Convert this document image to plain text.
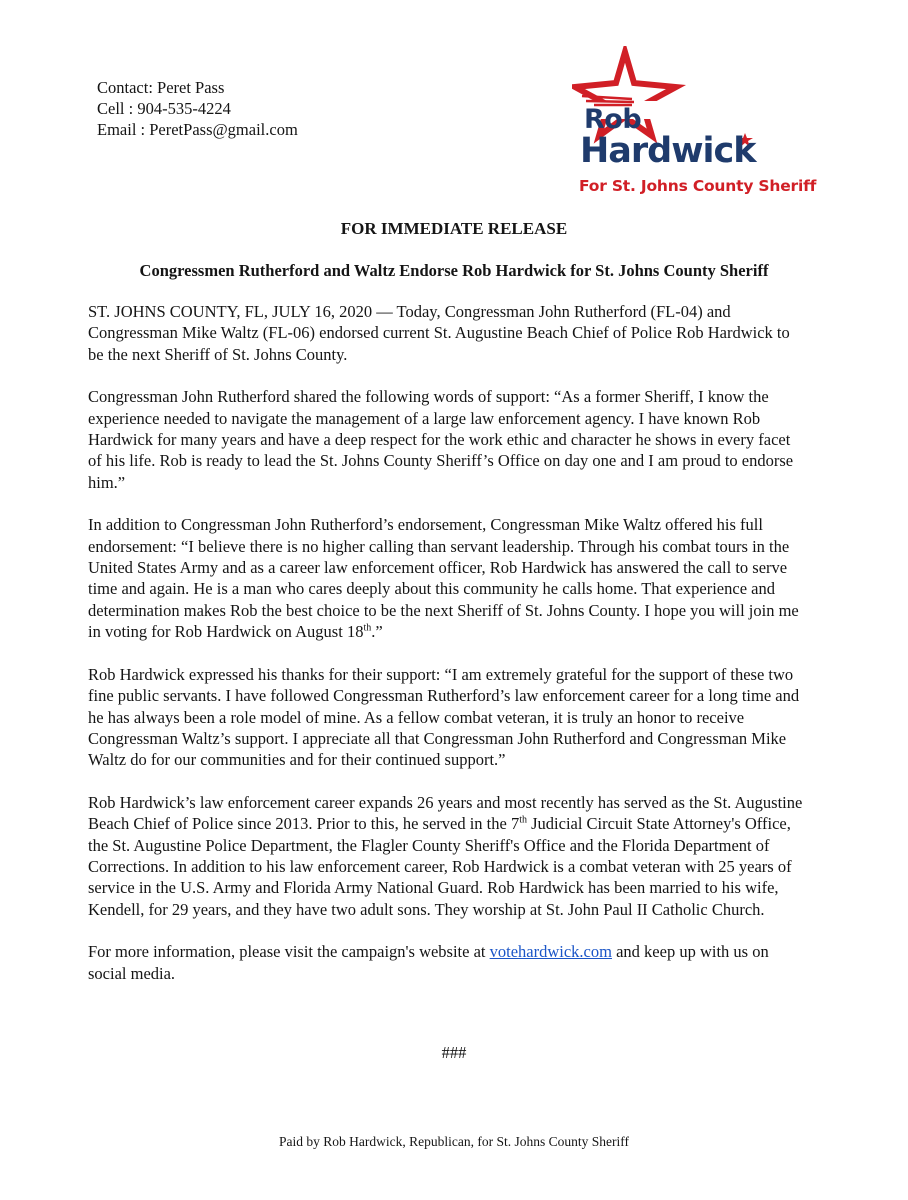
Contact: Peret Pass
Cell : 904-535-4224
Email : PeretPass@gmail.com	Rob
Hardwick
For St. Johns County Sheriff
FOR IMMEDIATE RELEASE
Congressmen Rutherford and Waltz Endorse Rob Hardwick for St. Johns County Sheriff

ST. JOHNS COUNTY, FL, JULY 16, 2020 — Today, Congressman John Rutherford (FL-04) and Congressman Mike Waltz (FL-06) endorsed current St. Augustine Beach Chief of Police Rob Hardwick to be the next Sheriff of St. Johns County.

Congressman John Rutherford shared the following words of support: “As a former Sheriff, I know the experience needed to navigate the management of a large law enforcement agency. I have known Rob Hardwick for many years and have a deep respect for the work ethic and character he shows in every facet of his life. Rob is ready to lead the St. Johns County Sheriff’s Office on day one and I am proud to endorse him.”

In addition to Congressman John Rutherford’s endorsement, Congressman Mike Waltz offered his full endorsement: “I believe there is no higher calling than servant leadership. Through his combat tours in the United States Army and as a career law enforcement officer, Rob Hardwick has answered the call to serve time and again. He is a man who cares deeply about this community he calls home. That experience and determination makes Rob the best choice to be the next Sheriff of St. Johns County. I hope you will join me in voting for Rob Hardwick on August 18th.”

Rob Hardwick expressed his thanks for their support: “I am extremely grateful for the support of these two fine public servants. I have followed Congressman Rutherford’s law enforcement career for a long time and he has always been a role model of mine. As a fellow combat veteran, it is truly an honor to receive Congressman Waltz’s support. I appreciate all that Congressman John Rutherford and Congressman Mike Waltz do for our communities and for their continued support.”

Rob Hardwick’s law enforcement career expands 26 years and most recently has served as the St. Augustine Beach Chief of Police since 2013. Prior to this, he served in the 7th Judicial Circuit State Attorney's Office, the St. Augustine Police Department, the Flagler County Sheriff's Office and the Florida Department of Corrections. In addition to his law enforcement career, Rob Hardwick is a combat veteran with 25 years of service in the U.S. Army and Florida Army National Guard. Rob Hardwick has been married to his wife, Kendell, for 29 years, and they have two adult sons. They worship at St. John Paul II Catholic Church.

For more information, please visit the campaign's website at votehardwick.com and keep up with us on social media.

###
Paid by Rob Hardwick, Republican, for St. Johns County Sheriff
